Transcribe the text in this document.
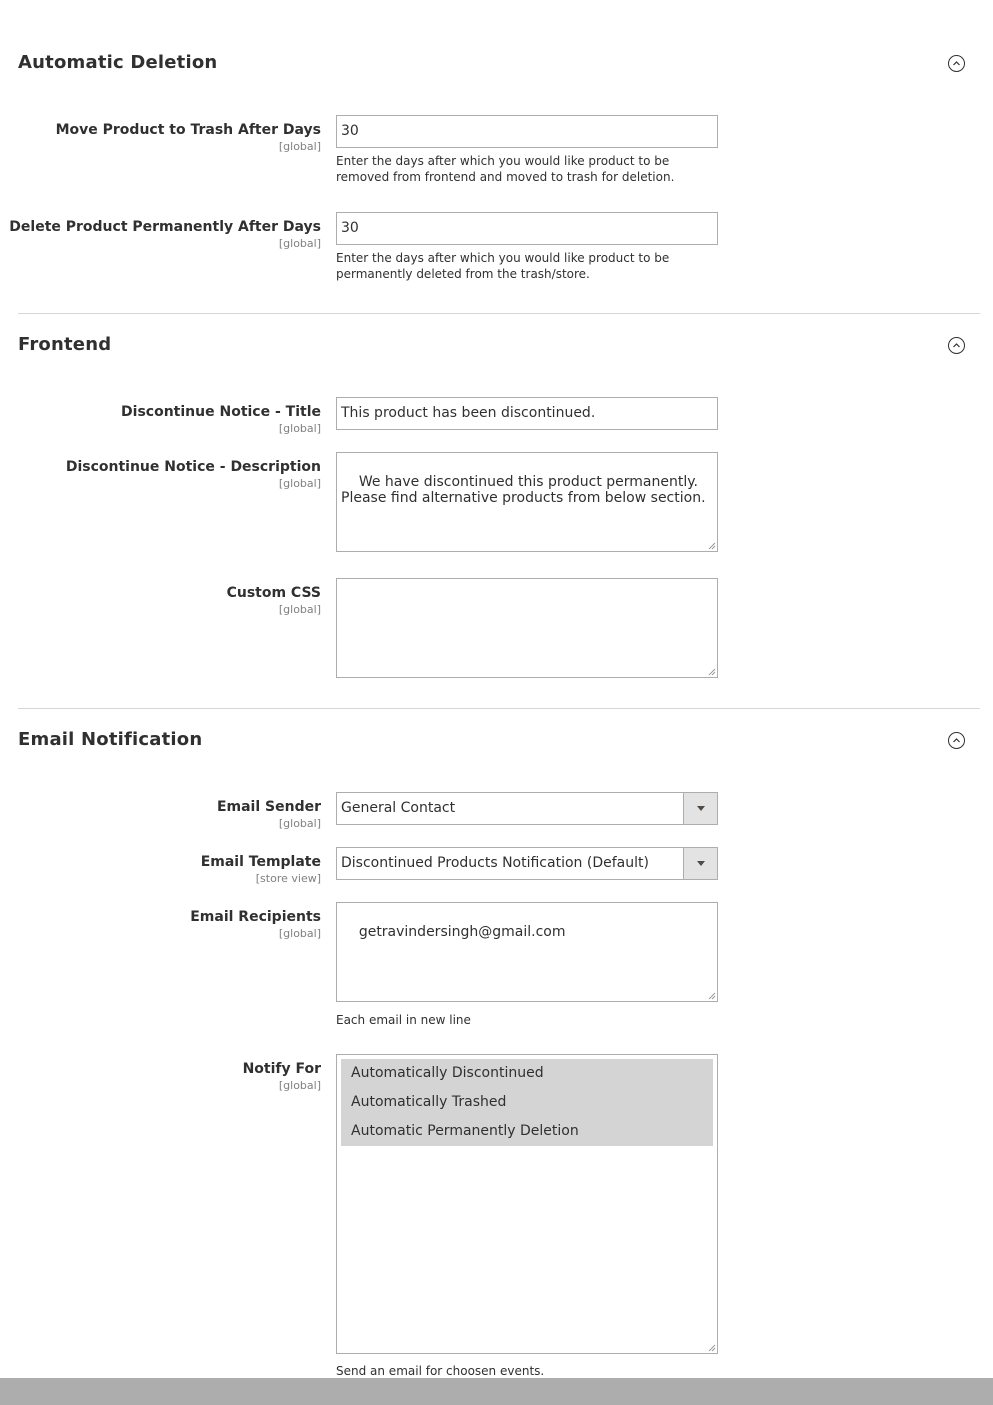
Automatic Deletion
Move Product to Trash After Days
[global]
30
Enter the days after which you would like product to be removed from frontend and moved to trash for deletion.
Delete Product Permanently After Days
[global]
30
Enter the days after which you would like product to be permanently deleted from the trash/store.
Frontend
Discontinue Notice - Title
[global]
This product has been discontinued.
Discontinue Notice - Description
[global]	We have discontinued this product permanently. Please find alternative products from below section.

Custom CSS
[global]

Email Notification
Email Sender
[global]
General Contact
Email Template
[store view]
Discontinued Products Notification (Default)
Email Recipients
[global]	getravindersingh@gmail.com

Each email in new line
Notify For
[global]
Automatically Discontinued
Automatically Trashed
Automatic Permanently Deletion
Send an email for choosen events.
